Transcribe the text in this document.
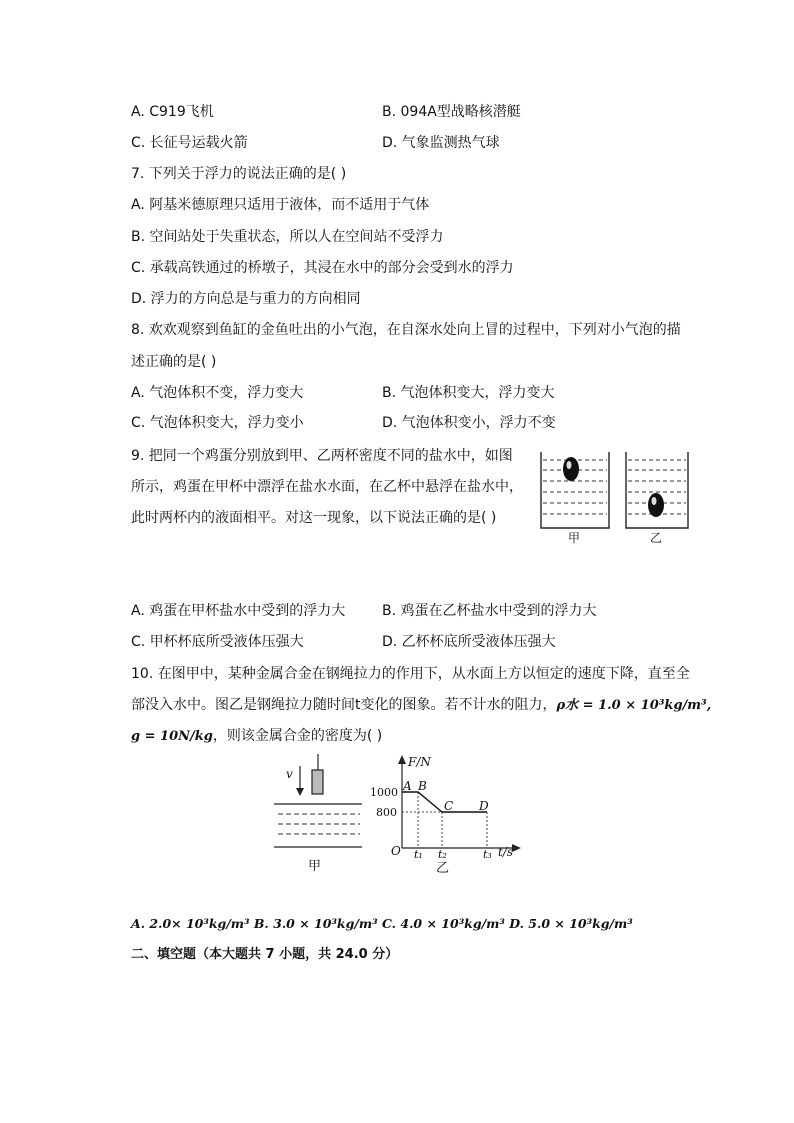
A. C919飞机	B. 094A型战略核潜艇
C. 长征号运载火箭	D. 气象监测热气球
7. 下列关于浮力的说法正确的是( )
A. 阿基米德原理只适用于液体，而不适用于气体
B. 空间站处于失重状态，所以人在空间站不受浮力
C. 承载高铁通过的桥墩子，其浸在水中的部分会受到水的浮力
D. 浮力的方向总是与重力的方向相同
8. 欢欢观察到鱼缸的金鱼吐出的小气泡，在自深水处向上冒的过程中，下列对小气泡的描
述正确的是( )
A. 气泡体积不变，浮力变大	B. 气泡体积变大，浮力变大
C. 气泡体积变大，浮力变小	D. 气泡体积变小，浮力不变
9. 把同一个鸡蛋分别放到甲、乙两杯密度不同的盐水中，如图
所示，鸡蛋在甲杯中漂浮在盐水水面，在乙杯中悬浮在盐水中，
此时两杯内的液面相平。对这一现象，以下说法正确的是( )
甲	乙
A. 鸡蛋在甲杯盐水中受到的浮力大	B. 鸡蛋在乙杯盐水中受到的浮力大
C. 甲杯杯底所受液体压强大	D. 乙杯杯底所受液体压强大
10. 在图甲中，某种金属合金在钢绳拉力的作用下，从水面上方以恒定的速度下降，直至全
部没入水中。图乙是钢绳拉力随时间t变化的图象。若不计水的阻力，ρ水 = 1.0 × 10³kg/m³,
g = 10N/kg，则该金属合金的密度为( )
v
甲
F/N
t/s
O
1000
800
A B
C D
t₁ t₂	t₃
乙
A. 2.0× 10³kg/m³ B. 3.0 × 10³kg/m³ C. 4.0 × 10³kg/m³ D. 5.0 × 10³kg/m³
二、填空题（本大题共 7 小题，共 24.0 分）
